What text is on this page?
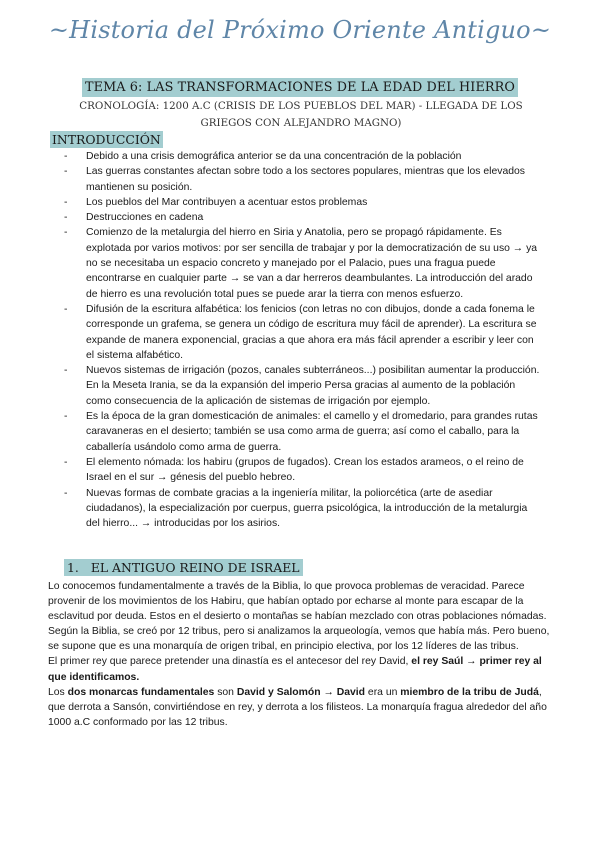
~Historia del Próximo Oriente Antiguo~
TEMA 6: LAS TRANSFORMACIONES DE LA EDAD DEL HIERRO
CRONOLOGÍA: 1200 A.C (CRISIS DE LOS PUEBLOS DEL MAR) - LLEGADA DE LOS GRIEGOS CON ALEJANDRO MAGNO)
INTRODUCCIÓN
- Debido a una crisis demográfica anterior se da una concentración de la población
- Las guerras constantes afectan sobre todo a los sectores populares, mientras que los elevados mantienen su posición.
- Los pueblos del Mar contribuyen a acentuar estos problemas
- Destrucciones en cadena
- Comienzo de la metalurgia del hierro en Siria y Anatolia, pero se propagó rápidamente. Es explotada por varios motivos: por ser sencilla de trabajar y por la democratización de su uso → ya no se necesitaba un espacio concreto y manejado por el Palacio, pues una fragua puede encontrarse en cualquier parte → se van a dar herreros deambulantes. La introducción del arado de hierro es una revolución total pues se puede arar la tierra con menos esfuerzo.
- Difusión de la escritura alfabética: los fenicios (con letras no con dibujos, donde a cada fonema le corresponde un grafema, se genera un código de escritura muy fácil de aprender). La escritura se expande de manera exponencial, gracias a que ahora era más fácil aprender a escribir y leer con el sistema alfabético.
- Nuevos sistemas de irrigación (pozos, canales subterráneos...) posibilitan aumentar la producción.
En la Meseta Irania, se da la expansión del imperio Persa gracias al aumento de la población como consecuencia de la aplicación de sistemas de irrigación por ejemplo.
- Es la época de la gran domesticación de animales: el camello y el dromedario, para grandes rutas caravaneras en el desierto; también se usa como arma de guerra; así como el caballo, para la caballería usándolo como arma de guerra.
- El elemento nómada: los habiru (grupos de fugados). Crean los estados arameos, o el reino de Israel en el sur → génesis del pueblo hebreo.
- Nuevas formas de combate gracias a la ingeniería militar, la poliorcética (arte de asediar ciudadanos), la especialización por cuerpus, guerra psicológica, la introducción de la metalurgia del hierro... → introducidas por los asirios.
1. EL ANTIGUO REINO DE ISRAEL

Lo conocemos fundamentalmente a través de la Biblia, lo que provoca problemas de veracidad. Parece provenir de los movimientos de los Habiru, que habían optado por echarse al monte para escapar de la esclavitud por deuda. Estos en el desierto o montañas se habían mezclado con otras poblaciones nómadas.

Según la Biblia, se creó por 12 tribus, pero si analizamos la arqueología, vemos que había más. Pero bueno, se supone que es una monarquía de origen tribal, en principio electiva, por los 12 líderes de las tribus.

El primer rey que parece pretender una dinastía es el antecesor del rey David, el rey Saúl → primer rey al que identificamos.

Los dos monarcas fundamentales son David y Salomón → David era un miembro de la tribu de Judá, que derrota a Sansón, convirtiéndose en rey, y derrota a los filisteos. La monarquía fragua alrededor del año 1000 a.C conformado por las 12 tribus.
